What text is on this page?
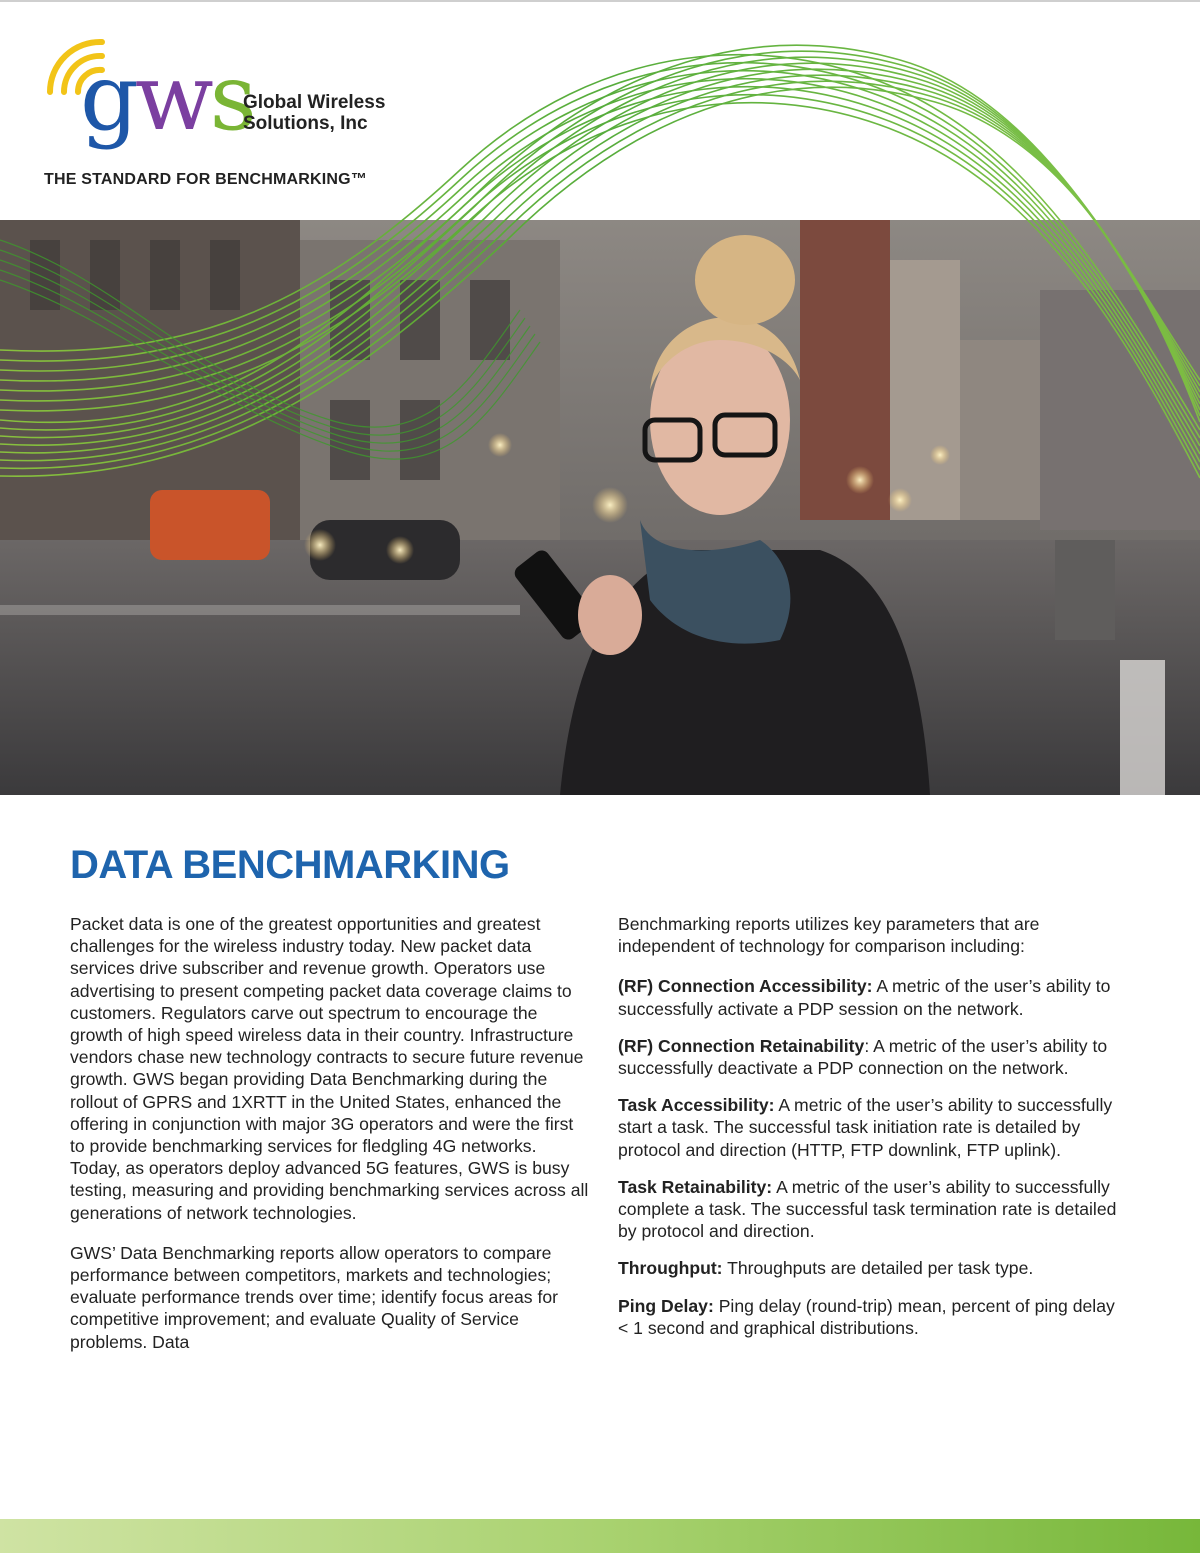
gws
Global Wireless
Solutions, Inc
THE STANDARD FOR BENCHMARKING™
DATA BENCHMARKING

Packet data is one of the greatest opportunities and greatest challenges for the wireless industry today. New packet data services drive subscriber and revenue growth. Operators use advertising to present competing packet data coverage claims to customers. Regulators carve out spectrum to encourage the growth of high speed wireless data in their country. Infrastructure vendors chase new technology contracts to secure future revenue growth. GWS began providing Data Benchmarking during the rollout of GPRS and 1XRTT in the United States, enhanced the offering in conjunction with major 3G operators and were the first to provide benchmarking services for fledgling 4G networks. Today, as operators deploy advanced 5G features, GWS is busy testing, measuring and providing benchmarking services across all generations of network technologies.

GWS’ Data Benchmarking reports allow operators to compare performance between competitors, markets and technologies; evaluate performance trends over time; identify focus areas for competitive improvement; and evaluate Quality of Service problems. Data

Benchmarking reports utilizes key parameters that are independent of technology for comparison including:

(RF) Connection Accessibility: A metric of the user’s ability to successfully activate a PDP session on the network.

(RF) Connection Retainability: A metric of the user’s ability to successfully deactivate a PDP connection on the network.

Task Accessibility: A metric of the user’s ability to successfully start a task. The successful task initiation rate is detailed by protocol and direction (HTTP, FTP downlink, FTP uplink).

Task Retainability: A metric of the user’s ability to successfully complete a task. The successful task termination rate is detailed by protocol and direction.

Throughput: Throughputs are detailed per task type.

Ping Delay: Ping delay (round-trip) mean, percent of ping delay < 1 second and graphical distributions.
